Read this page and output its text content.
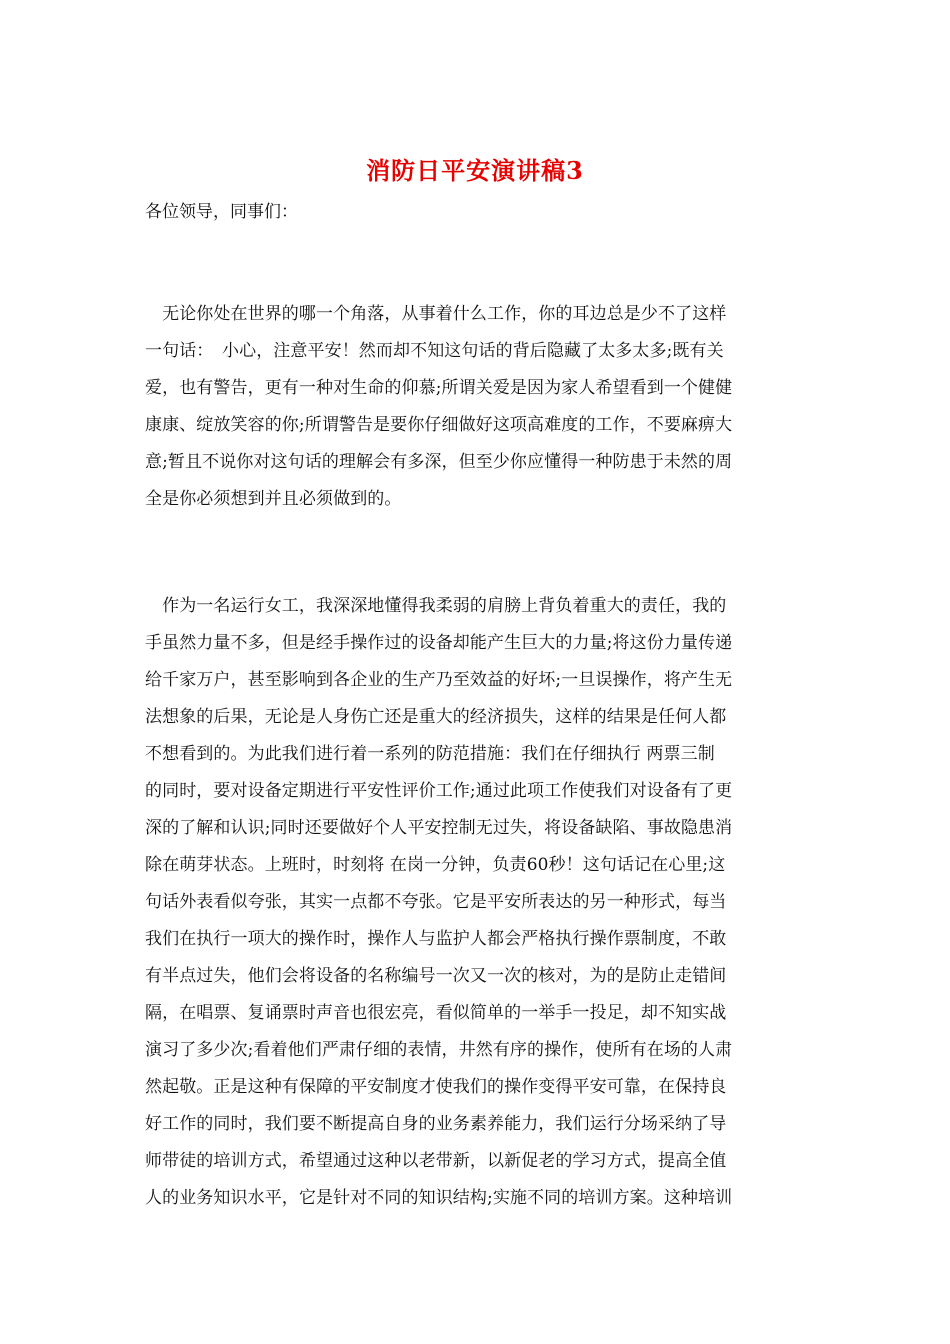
消防日平安演讲稿3
各位领导，同事们：
　无论你处在世界的哪一个角落，从事着什么工作，你的耳边总是少不了这样
一句话：　小心，注意平安！然而却不知这句话的背后隐藏了太多太多;既有关
爱，也有警告，更有一种对生命的仰慕;所谓关爱是因为家人希望看到一个健健
康康、绽放笑容的你;所谓警告是要你仔细做好这项高难度的工作，不要麻痹大
意;暂且不说你对这句话的理解会有多深，但至少你应懂得一种防患于未然的周
全是你必须想到并且必须做到的。
　作为一名运行女工，我深深地懂得我柔弱的肩膀上背负着重大的责任，我的
手虽然力量不多，但是经手操作过的设备却能产生巨大的力量;将这份力量传递
给千家万户，甚至影响到各企业的生产乃至效益的好坏;一旦误操作，将产生无
法想象的后果，无论是人身伤亡还是重大的经济损失，这样的结果是任何人都
不想看到的。为此我们进行着一系列的防范措施：我们在仔细执行 两票三制
的同时，要对设备定期进行平安性评价工作;通过此项工作使我们对设备有了更
深的了解和认识;同时还要做好个人平安控制无过失，将设备缺陷、事故隐患消
除在萌芽状态。上班时，时刻将 在岗一分钟，负责60秒！这句话记在心里;这
句话外表看似夸张，其实一点都不夸张。它是平安所表达的另一种形式，每当
我们在执行一项大的操作时，操作人与监护人都会严格执行操作票制度，不敢
有半点过失，他们会将设备的名称编号一次又一次的核对，为的是防止走错间
隔，在唱票、复诵票时声音也很宏亮，看似简单的一举手一投足，却不知实战
演习了多少次;看着他们严肃仔细的表情，井然有序的操作，使所有在场的人肃
然起敬。正是这种有保障的平安制度才使我们的操作变得平安可靠，在保持良
好工作的同时，我们要不断提高自身的业务素养能力，我们运行分场采纳了导
师带徒的培训方式，希望通过这种以老带新，以新促老的学习方式，提高全值
人的业务知识水平，它是针对不同的知识结构;实施不同的培训方案。这种培训
